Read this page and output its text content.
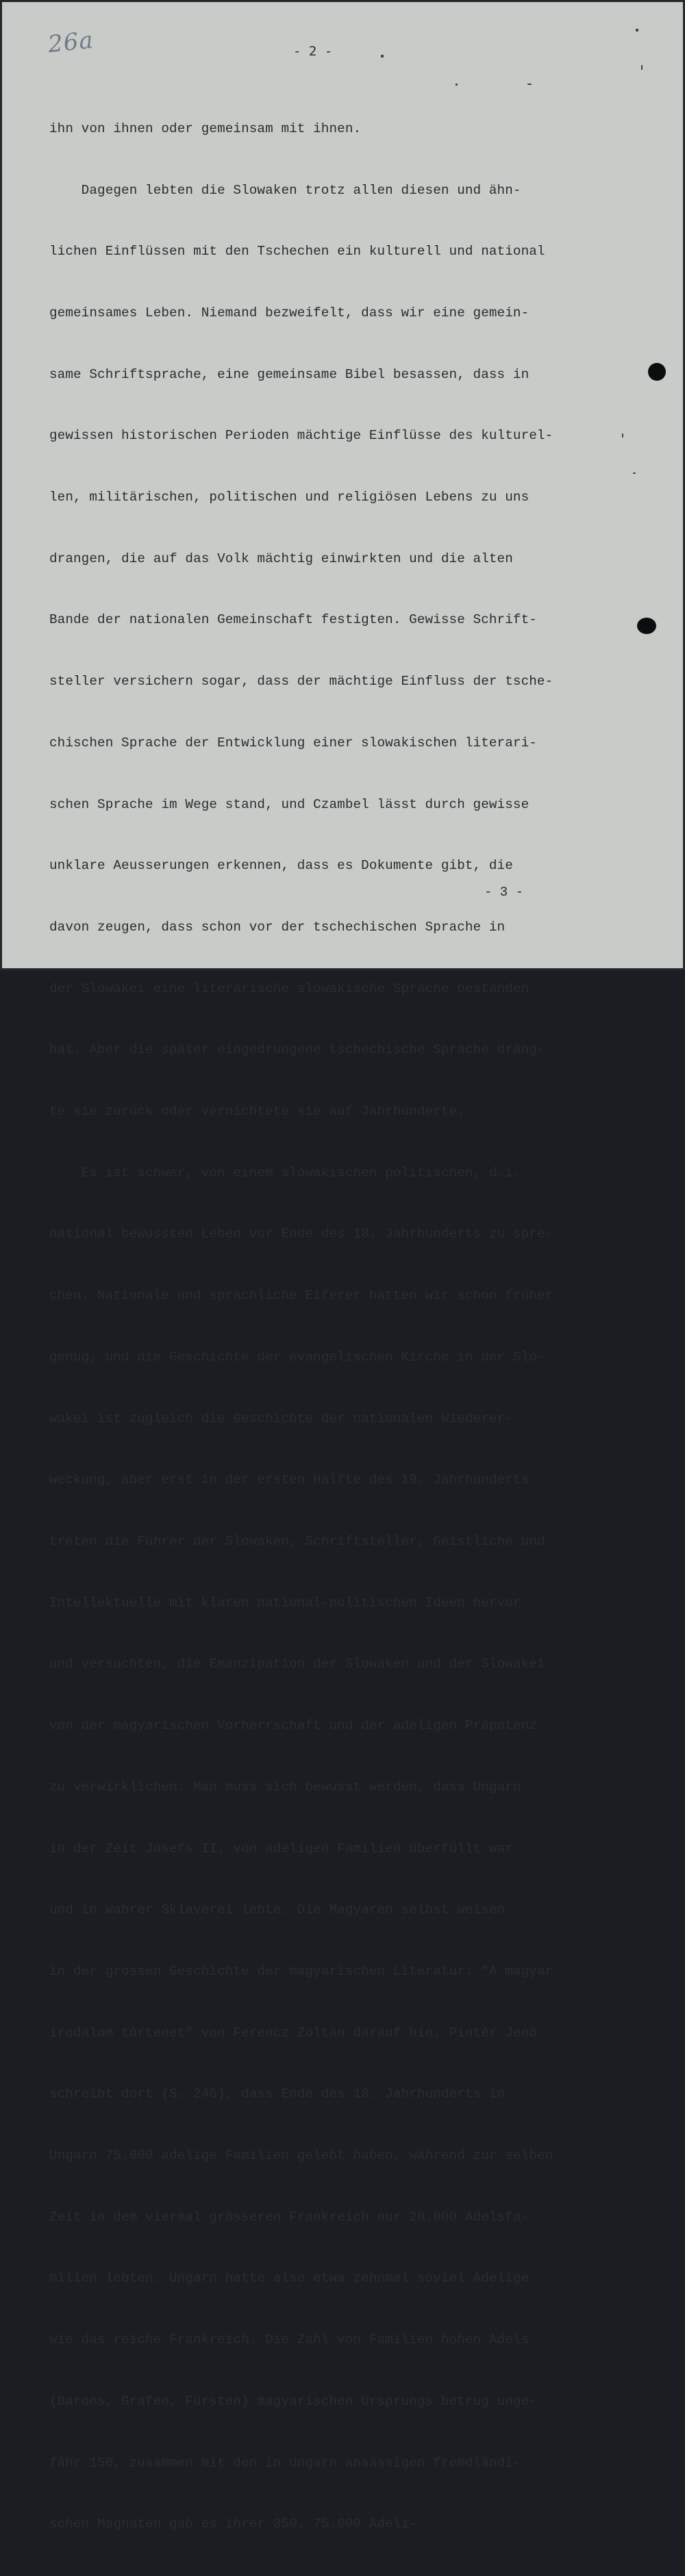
26a	- 2 -

ihn von ihnen oder gemeinsam mit ihnen.

Dagegen lebten die Slowaken trotz allen diesen und ähn-

lichen Einflüssen mit den Tschechen ein kulturell und national

gemeinsames Leben. Niemand bezweifelt, dass wir eine gemein-

same Schriftsprache, eine gemeinsame Bibel besassen, dass in

gewissen historischen Perioden mächtige Einflüsse des kulturel-

len, militärischen, politischen und religiösen Lebens zu uns

drangen, die auf das Volk mächtig einwirkten und die alten

Bande der nationalen Gemeinschaft festigten. Gewisse Schrift-

steller versichern sogar, dass der mächtige Einfluss der tsche-

chischen Sprache der Entwicklung einer slowakischen literari-

schen Sprache im Wege stand, und Czambel lässt durch gewisse

unklare Aeusserungen erkennen, dass es Dokumente gibt, die

davon zeugen, dass schon vor der tschechischen Sprache in

der Slowakei eine literarische slowakische Sprache bestanden

hat. Aber die später eingedrungene tschechische Sprache dräng-

te sie zurück oder vernichtete sie auf Jahrhunderte.

Es ist schwer, von einem slowakischen politischen, d.i.

national bewussten Leben vor Ende des 18. Jahrhunderts zu spre-

chen. Nationale und sprachliche Eiferer hatten wir schon früher

genug, und die Geschichte der evangelischen Kirche in der Slo-

wakei ist zugleich die Geschichte der nationalen Wiederer-

weckung, aber erst in der ersten Hälfte des 19. Jahrhunderts

treten die Führer der Slowaken, Schriftsteller, Geistliche und

Intellektuelle mit klaren national-politischen Ideen hervor

und versuchten, die Emanzipation der Slowaken und der Slowakei

von der magyarischen Vorherrschaft und der adeligen Präpotenz

zu verwirklichen. Man muss sich bewusst werden, dass Ungarn

in der Zeit Josefs II. von adeligen Familien überfüllt war

und in wahrer Sklaverei lebte. Die Magyaren selbst weisen

in der grossen Geschichte der magyarischen Literatur: "A magyar

irodalom törtenet" von Ferencz Zoltán darauf hin. Pintér Jenö

schreibt dort (S. 246), dass Ende des 18. Jahrhunderts in

Ungarn 75.000 adelige Familien gelebt haben, während zur selben

Zeit in dem viermal grösseren Frankreich nur 28.000 Adelsfa-

milien lebten. Ungarn hatte also etwa zehnmal soviel Adelige

wie das reiche Frankreich. Die Zahl von Familien hohen Adels

(Barons, Grafen, Fürsten) magyarischen Ursprungs betrug unge-

fähr 150, zusammen mit den in Ungarn ansässigen fremdländi-

schen Magnaten gab es ihrer 350. 75.000 Adeli-

- 3 -
